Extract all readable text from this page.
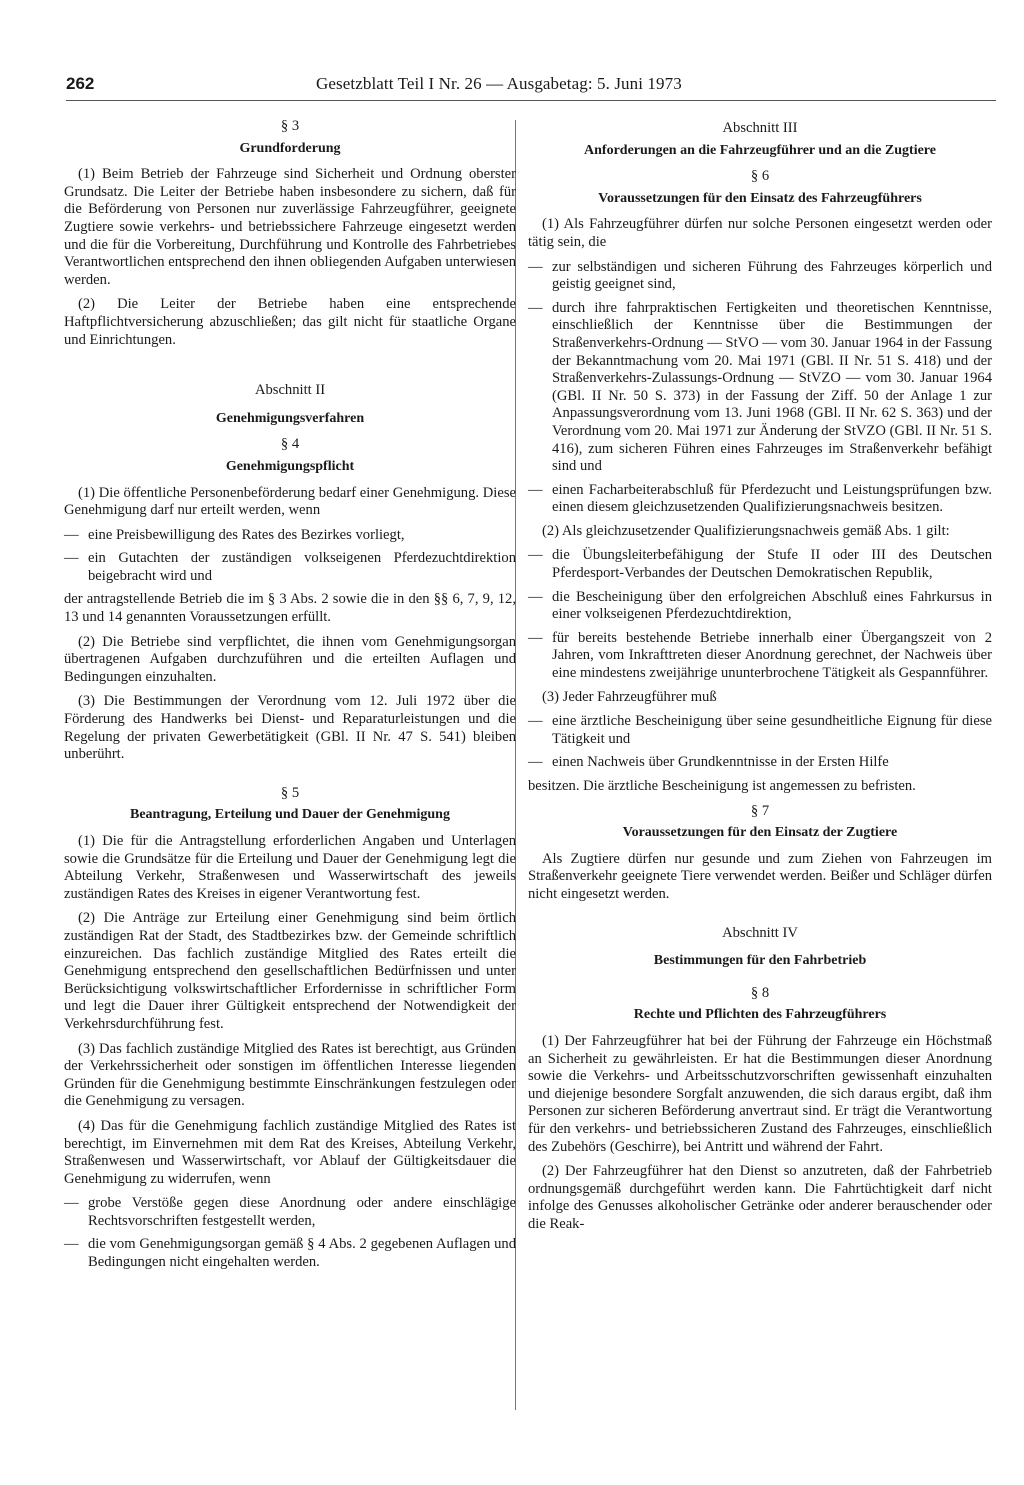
262	Gesetzblatt Teil I Nr. 26 — Ausgabetag: 5. Juni 1973
§ 3
Grundforderung

(1) Beim Betrieb der Fahrzeuge sind Sicherheit und Ordnung oberster Grundsatz. Die Leiter der Betriebe haben insbesondere zu sichern, daß für die Beförderung von Personen nur zuverlässige Fahrzeugführer, geeignete Zugtiere sowie verkehrs- und betriebssichere Fahrzeuge eingesetzt werden und die für die Vorbereitung, Durchführung und Kontrolle des Fahrbetriebes Verantwortlichen entsprechend den ihnen obliegenden Aufgaben unterwiesen werden.

(2) Die Leiter der Betriebe haben eine entsprechende Haftpflichtversicherung abzuschließen; das gilt nicht für staatliche Organe und Einrichtungen.

Abschnitt II
Genehmigungsverfahren
§ 4
Genehmigungspflicht

(1) Die öffentliche Personenbeförderung bedarf einer Genehmigung. Diese Genehmigung darf nur erteilt werden, wenn

— eine Preisbewilligung des Rates des Bezirkes vorliegt,
— ein Gutachten der zuständigen volkseigenen Pferdezuchtdirektion beigebracht wird und

der antragstellende Betrieb die im § 3 Abs. 2 sowie die in den §§ 6, 7, 9, 12, 13 und 14 genannten Voraussetzungen erfüllt.

(2) Die Betriebe sind verpflichtet, die ihnen vom Genehmigungsorgan übertragenen Aufgaben durchzuführen und die erteilten Auflagen und Bedingungen einzuhalten.

(3) Die Bestimmungen der Verordnung vom 12. Juli 1972 über die Förderung des Handwerks bei Dienst- und Reparaturleistungen und die Regelung der privaten Gewerbetätigkeit (GBl. II Nr. 47 S. 541) bleiben unberührt.

§ 5
Beantragung, Erteilung und Dauer der Genehmigung

(1) Die für die Antragstellung erforderlichen Angaben und Unterlagen sowie die Grundsätze für die Erteilung und Dauer der Genehmigung legt die Abteilung Verkehr, Straßenwesen und Wasserwirtschaft des jeweils zuständigen Rates des Kreises in eigener Verantwortung fest.

(2) Die Anträge zur Erteilung einer Genehmigung sind beim örtlich zuständigen Rat der Stadt, des Stadtbezirkes bzw. der Gemeinde schriftlich einzureichen. Das fachlich zuständige Mitglied des Rates erteilt die Genehmigung entsprechend den gesellschaftlichen Bedürfnissen und unter Berücksichtigung volkswirtschaftlicher Erfordernisse in schriftlicher Form und legt die Dauer ihrer Gültigkeit entsprechend der Notwendigkeit der Verkehrsdurchführung fest.

(3) Das fachlich zuständige Mitglied des Rates ist berechtigt, aus Gründen der Verkehrssicherheit oder sonstigen im öffentlichen Interesse liegenden Gründen für die Genehmigung bestimmte Einschränkungen festzulegen oder die Genehmigung zu versagen.

(4) Das für die Genehmigung fachlich zuständige Mitglied des Rates ist berechtigt, im Einvernehmen mit dem Rat des Kreises, Abteilung Verkehr, Straßenwesen und Wasserwirtschaft, vor Ablauf der Gültigkeitsdauer die Genehmigung zu widerrufen, wenn

— grobe Verstöße gegen diese Anordnung oder andere einschlägige Rechtsvorschriften festgestellt werden,
— die vom Genehmigungsorgan gemäß § 4 Abs. 2 gegebenen Auflagen und Bedingungen nicht eingehalten werden.
Abschnitt III
Anforderungen an die Fahrzeugführer und an die Zugtiere
§ 6
Voraussetzungen für den Einsatz des Fahrzeugführers

(1) Als Fahrzeugführer dürfen nur solche Personen eingesetzt werden oder tätig sein, die

— zur selbständigen und sicheren Führung des Fahrzeuges körperlich und geistig geeignet sind,
— durch ihre fahrpraktischen Fertigkeiten und theoretischen Kenntnisse, einschließlich der Kenntnisse über die Bestimmungen der Straßenverkehrs-Ordnung — StVO — vom 30. Januar 1964 in der Fassung der Bekanntmachung vom 20. Mai 1971 (GBl. II Nr. 51 S. 418) und der Straßenverkehrs-Zulassungs-Ordnung — StVZO — vom 30. Januar 1964 (GBl. II Nr. 50 S. 373) in der Fassung der Ziff. 50 der Anlage 1 zur Anpassungsverordnung vom 13. Juni 1968 (GBl. II Nr. 62 S. 363) und der Verordnung vom 20. Mai 1971 zur Änderung der StVZO (GBl. II Nr. 51 S. 416), zum sicheren Führen eines Fahrzeuges im Straßenverkehr befähigt sind und
— einen Facharbeiterabschluß für Pferdezucht und Leistungsprüfungen bzw. einen diesem gleichzusetzenden Qualifizierungsnachweis besitzen.

(2) Als gleichzusetzender Qualifizierungsnachweis gemäß Abs. 1 gilt:

— die Übungsleiterbefähigung der Stufe II oder III des Deutschen Pferdesport-Verbandes der Deutschen Demokratischen Republik,
— die Bescheinigung über den erfolgreichen Abschluß eines Fahrkursus in einer volkseigenen Pferdezuchtdirektion,
— für bereits bestehende Betriebe innerhalb einer Übergangszeit von 2 Jahren, vom Inkrafttreten dieser Anordnung gerechnet, der Nachweis über eine mindestens zweijährige ununterbrochene Tätigkeit als Gespannführer.

(3) Jeder Fahrzeugführer muß

— eine ärztliche Bescheinigung über seine gesundheitliche Eignung für diese Tätigkeit und
— einen Nachweis über Grundkenntnisse in der Ersten Hilfe

besitzen. Die ärztliche Bescheinigung ist angemessen zu befristen.

§ 7
Voraussetzungen für den Einsatz der Zugtiere

Als Zugtiere dürfen nur gesunde und zum Ziehen von Fahrzeugen im Straßenverkehr geeignete Tiere verwendet werden. Beißer und Schläger dürfen nicht eingesetzt werden.

Abschnitt IV
Bestimmungen für den Fahrbetrieb
§ 8
Rechte und Pflichten des Fahrzeugführers

(1) Der Fahrzeugführer hat bei der Führung der Fahrzeuge ein Höchstmaß an Sicherheit zu gewährleisten. Er hat die Bestimmungen dieser Anordnung sowie die Verkehrs- und Arbeitsschutzvorschriften gewissenhaft einzuhalten und diejenige besondere Sorgfalt anzuwenden, die sich daraus ergibt, daß ihm Personen zur sicheren Beförderung anvertraut sind. Er trägt die Verantwortung für den verkehrs- und betriebssicheren Zustand des Fahrzeuges, einschließlich des Zubehörs (Geschirre), bei Antritt und während der Fahrt.

(2) Der Fahrzeugführer hat den Dienst so anzutreten, daß der Fahrbetrieb ordnungsgemäß durchgeführt werden kann. Die Fahrtüchtigkeit darf nicht infolge des Genusses alkoholischer Getränke oder anderer berauschender oder die Reak-
